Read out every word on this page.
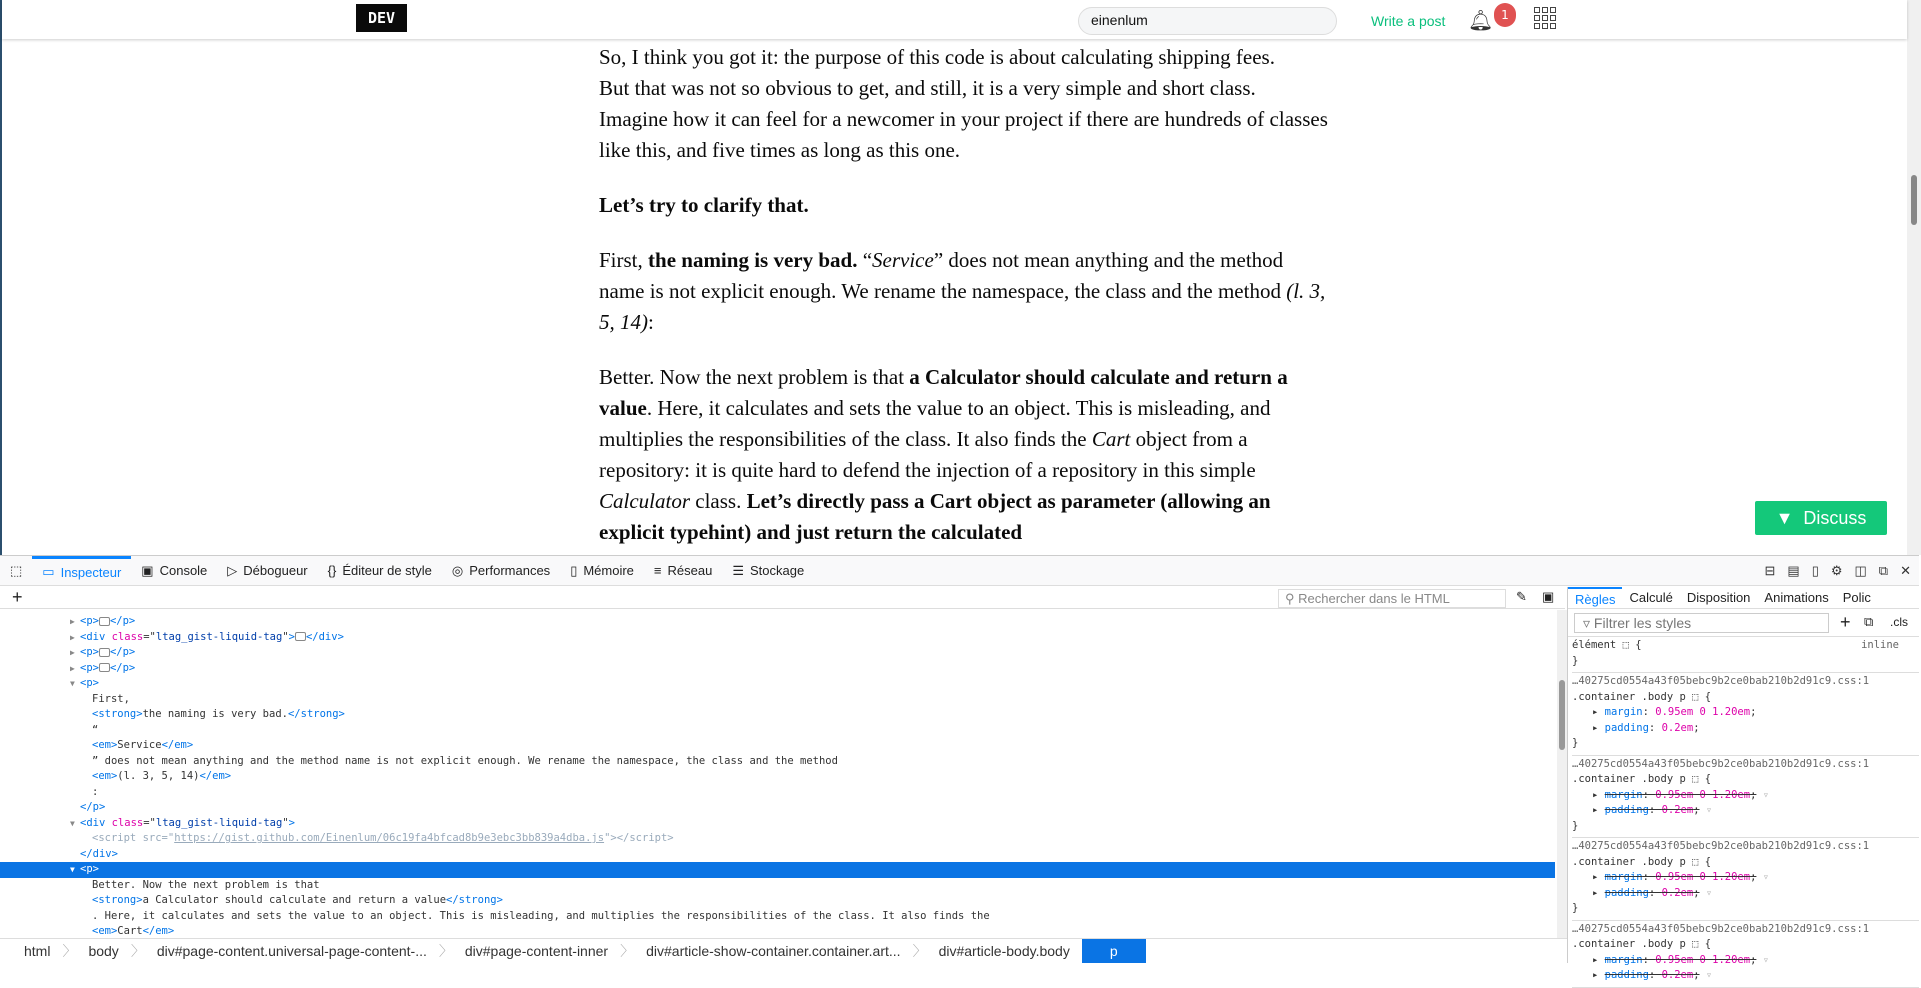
So, I think you got it: the purpose of this code is about calculating shipping fees.

But that was not so obvious to get, and still, it is a very simple and short class. Imagine how it can feel for a newcomer in your project if there are hundreds of classes like this, and five times as long as this one.

Let’s try to clarify that.

First, the naming is very bad. “Service” does not mean anything and the method name is not explicit enough. We rename the namespace, the class and the method (l. 3, 5, 14):

Better. Now the next problem is that a Calculator should calculate and return a value. Here, it calculates and sets the value to an object. This is misleading, and multiplies the responsibilities of the class. It also finds the Cart object from a repository: it is quite hard to defend the injection of a repository in this simple Calculator class. Let’s directly pass a Cart object as parameter (allowing an explicit typehint) and just return the calculated

DEV	einenlum	Write a post 🔔︎ 1
▼ Discuss
⬚	▭ Inspecteur ▣ Console ▷ Débogueur {} Éditeur de style ◎ Performances ▯ Mémoire ≡ Réseau ☰ Stockage	⊟ ▤ ▯ ⚙ ◫ ⧉ ✕
+	⚲ Rechercher dans le HTML	✎ ▣
▶ <p> </p>
▶ <div class="ltag_gist-liquid-tag"> </div>
▶ <p> </p>
▶ <p> </p>
▼ <p>
First,
<strong>the naming is very bad.</strong>
“
<em>Service</em>
” does not mean anything and the method name is not explicit enough. We rename the namespace, the class and the method
<em>(l. 3, 5, 14)</em>
:
</p>
▼ <div class="ltag_gist-liquid-tag">
<script src="https://gist.github.com/Einenlum/06c19fa4bfcad8b9e3ebc3bb839a4dba.js"></script>
</div>
▼ <p>
Better. Now the next problem is that
<strong>a Calculator should calculate and return a value</strong>
. Here, it calculates and sets the value to an object. This is misleading, and multiplies the responsibilities of the class. It also finds the
<em>Cart</em>
html 〉 body 〉 div#page-content.universal-page-content-... 〉 div#page-content-inner 〉 div#article-show-container.container.art... 〉 div#article-body.body	p
Règles	Calculé	Disposition	Animations	Polic
▿ Filtrer les styles	+ ⧉ .cls
élément ⬚ {	inline

}
…40275cd0554a43f05bebc9b2ce0bab210b2d91c9.css:1
.container .body p ⬚ {
▸ margin: 0.95em 0 1.20em;
▸ padding: 0.2em;
}
…40275cd0554a43f05bebc9b2ce0bab210b2d91c9.css:1
.container .body p ⬚ {
▸ margin: 0.95em 0 1.20em; ▿
▸ padding: 0.2em; ▿
}
…40275cd0554a43f05bebc9b2ce0bab210b2d91c9.css:1
.container .body p ⬚ {
▸ margin: 0.95em 0 1.20em; ▿
▸ padding: 0.2em; ▿
}
…40275cd0554a43f05bebc9b2ce0bab210b2d91c9.css:1
.container .body p ⬚ {
▸ margin: 0.95em 0 1.20em; ▿
▸ padding: 0.2em; ▿
